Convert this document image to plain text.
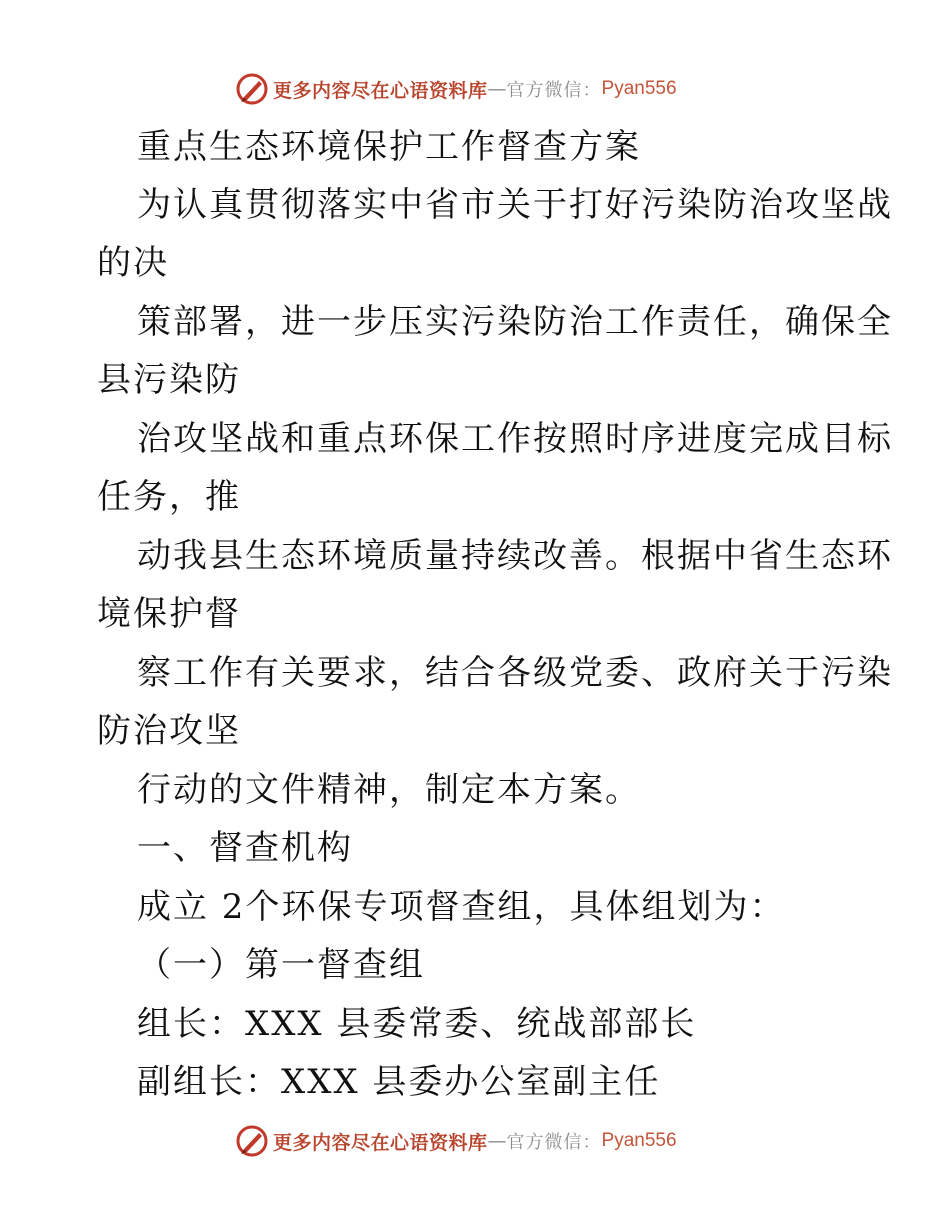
更多内容尽在心语资料库 — 官方微信： Pyan556
重点生态环境保护工作督查方案
为认真贯彻落实中省市关于打好污染防治攻坚战
的决
策部署，进一步压实污染防治工作责任，确保全
县污染防
治攻坚战和重点环保工作按照时序进度完成目标
任务，推
动我县生态环境质量持续改善。根据中省生态环
境保护督
察工作有关要求，结合各级党委、政府关于污染
防治攻坚
行动的文件精神，制定本方案。
一、督查机构
成立 2个环保专项督查组，具体组划为：
（一）第一督查组
组长：XXX 县委常委、统战部部长
副组长：XXX 县委办公室副主任
更多内容尽在心语资料库 — 官方微信： Pyan556
